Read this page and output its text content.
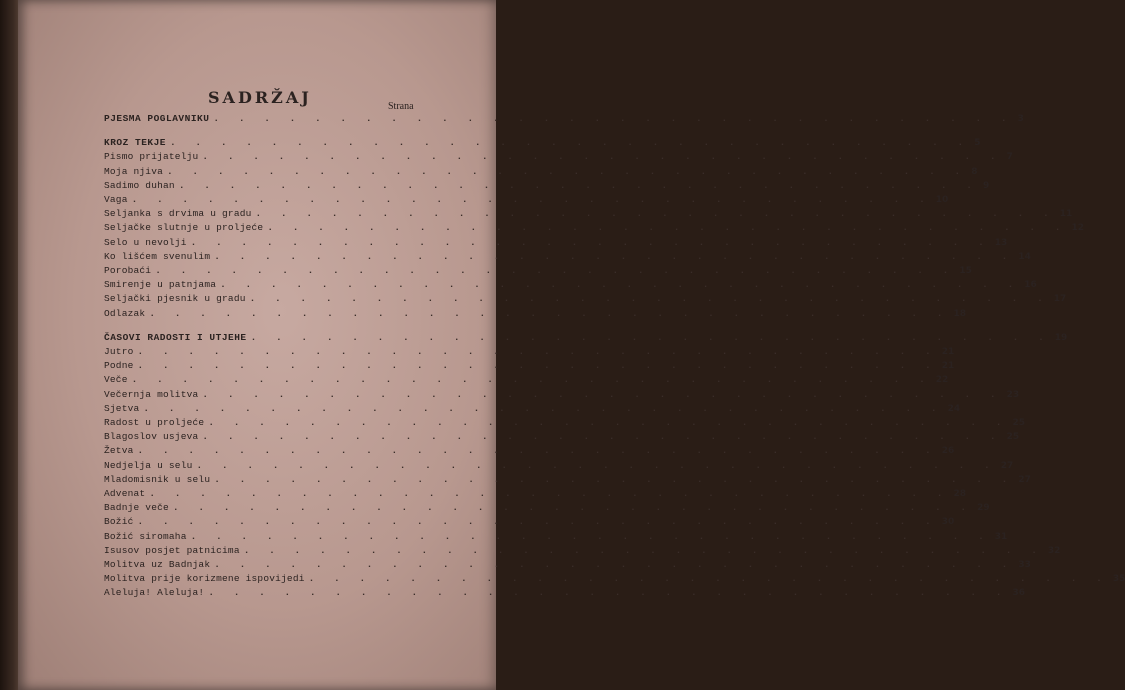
SADRŽAJ	Strana
PJESMA POGLAVNIKU . . . . . . . . . . . . . . . . . . . . . . . . . . . . . . . . 3
KROZ TEKJE . . . . . . . . . . . . . . . . . . . . . . . . . . . . . . . . 5
Pismo prijatelju . . . . . . . . . . . . . . . . . . . . . . . . . . . . . . . . 7
Moja njiva . . . . . . . . . . . . . . . . . . . . . . . . . . . . . . . . 8
Sadimo duhan . . . . . . . . . . . . . . . . . . . . . . . . . . . . . . . . 9
Vaga . . . . . . . . . . . . . . . . . . . . . . . . . . . . . . . . 10
Seljanka s drvima u gradu . . . . . . . . . . . . . . . . . . . . . . . . . . . . . . . . 11
Seljačke slutnje u proljeće . . . . . . . . . . . . . . . . . . . . . . . . . . . . . . . . 12
Selo u nevolji . . . . . . . . . . . . . . . . . . . . . . . . . . . . . . . . 13
Ko lišćem svenulim . . . . . . . . . . . . . . . . . . . . . . . . . . . . . . . . 14
Porobaći . . . . . . . . . . . . . . . . . . . . . . . . . . . . . . . . 15
Smirenje u patnjama . . . . . . . . . . . . . . . . . . . . . . . . . . . . . . . . 16
Seljački pjesnik u gradu . . . . . . . . . . . . . . . . . . . . . . . . . . . . . . . . 17
Odlazak . . . . . . . . . . . . . . . . . . . . . . . . . . . . . . . . 18
ČASOVI RADOSTI I UTJEHE . . . . . . . . . . . . . . . . . . . . . . . . . . . . . . . . 19
Jutro . . . . . . . . . . . . . . . . . . . . . . . . . . . . . . . . 21
Podne . . . . . . . . . . . . . . . . . . . . . . . . . . . . . . . . 21
Veče . . . . . . . . . . . . . . . . . . . . . . . . . . . . . . . . 22
Večernja molitva . . . . . . . . . . . . . . . . . . . . . . . . . . . . . . . . 23
Sjetva . . . . . . . . . . . . . . . . . . . . . . . . . . . . . . . . 24
Radost u proljeće . . . . . . . . . . . . . . . . . . . . . . . . . . . . . . . . 25
Blagoslov usjeva . . . . . . . . . . . . . . . . . . . . . . . . . . . . . . . . 25
Žetva . . . . . . . . . . . . . . . . . . . . . . . . . . . . . . . . 26
Nedjelja u selu . . . . . . . . . . . . . . . . . . . . . . . . . . . . . . . . 27
Mladomisnik u selu . . . . . . . . . . . . . . . . . . . . . . . . . . . . . . . . 27
Advenat . . . . . . . . . . . . . . . . . . . . . . . . . . . . . . . . 28
Badnje veče . . . . . . . . . . . . . . . . . . . . . . . . . . . . . . . . 29
Božić . . . . . . . . . . . . . . . . . . . . . . . . . . . . . . . . 30
Božić siromaha . . . . . . . . . . . . . . . . . . . . . . . . . . . . . . . . 31
Isusov posjet patnicima . . . . . . . . . . . . . . . . . . . . . . . . . . . . . . . . 32
Molitva uz Badnjak . . . . . . . . . . . . . . . . . . . . . . . . . . . . . . . . 33
Molitva prije korizmene ispovijedi . . . . . . . . . . . . . . . . . . . . . . . . . . . . . . . . 35
Aleluja! Aleluja! . . . . . . . . . . . . . . . . . . . . . . . . . . . . . . . . 36
